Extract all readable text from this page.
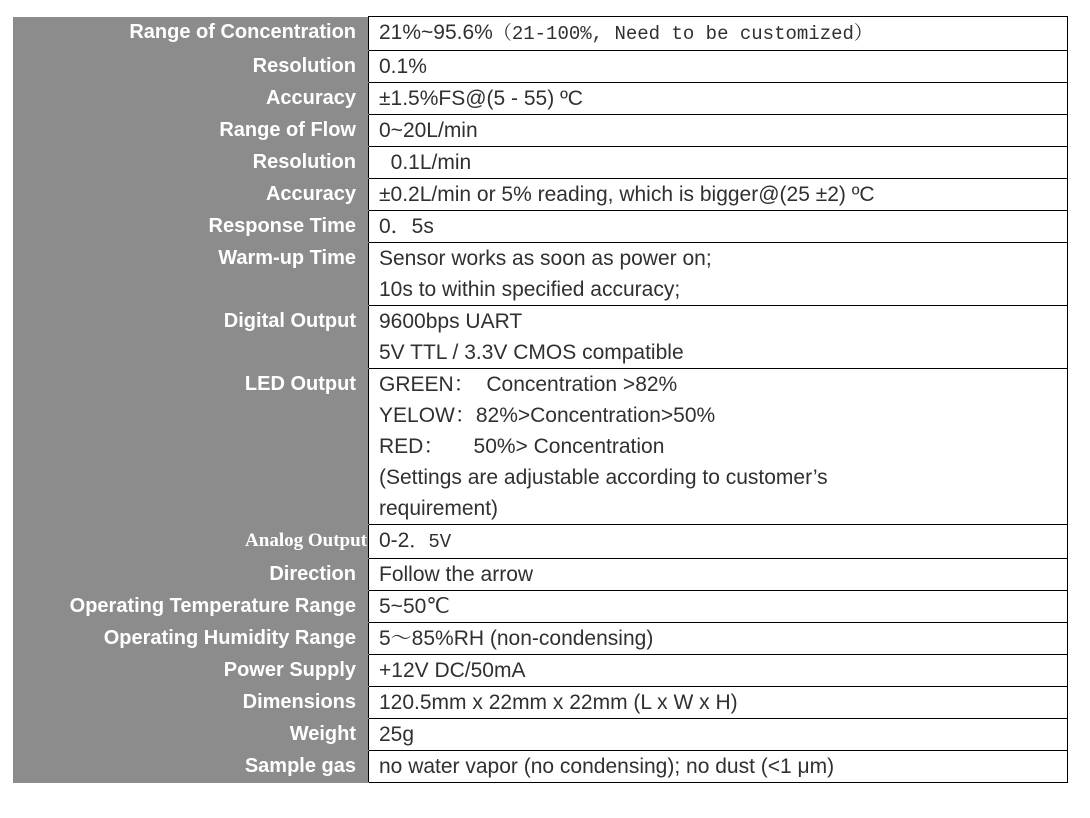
Range of Concentration	21%~95.6%（21-100%, Need to be customized）

Resolution	0.1%

Accuracy	±1.5%FS@(5 - 55) ºC

Range of Flow	0~20L/min

Resolution	0.1L/min

Accuracy	±0.2L/min or 5% reading, which is bigger@(25 ±2) ºC

Response Time	0．5s

Warm-up Time	Sensor works as soon as power on;
10s to within specified accuracy;

Digital Output	9600bps UART
5V TTL / 3.3V CMOS compatible

LED Output	GREEN：  Concentration >82%
YELOW：82%>Concentration>50%
RED：     50%> Concentration
(Settings are adjustable according to customer’s
requirement)

Analog Output	0-2．5V

Direction	Follow the arrow

Operating Temperature Range	5~50℃

Operating Humidity Range	5～85%RH (non-condensing)

Power Supply	+12V DC/50mA

Dimensions	120.5mm x 22mm x 22mm (L x W x H)

Weight	25g

Sample gas	no water vapor (no condensing); no dust (<1 μm)
